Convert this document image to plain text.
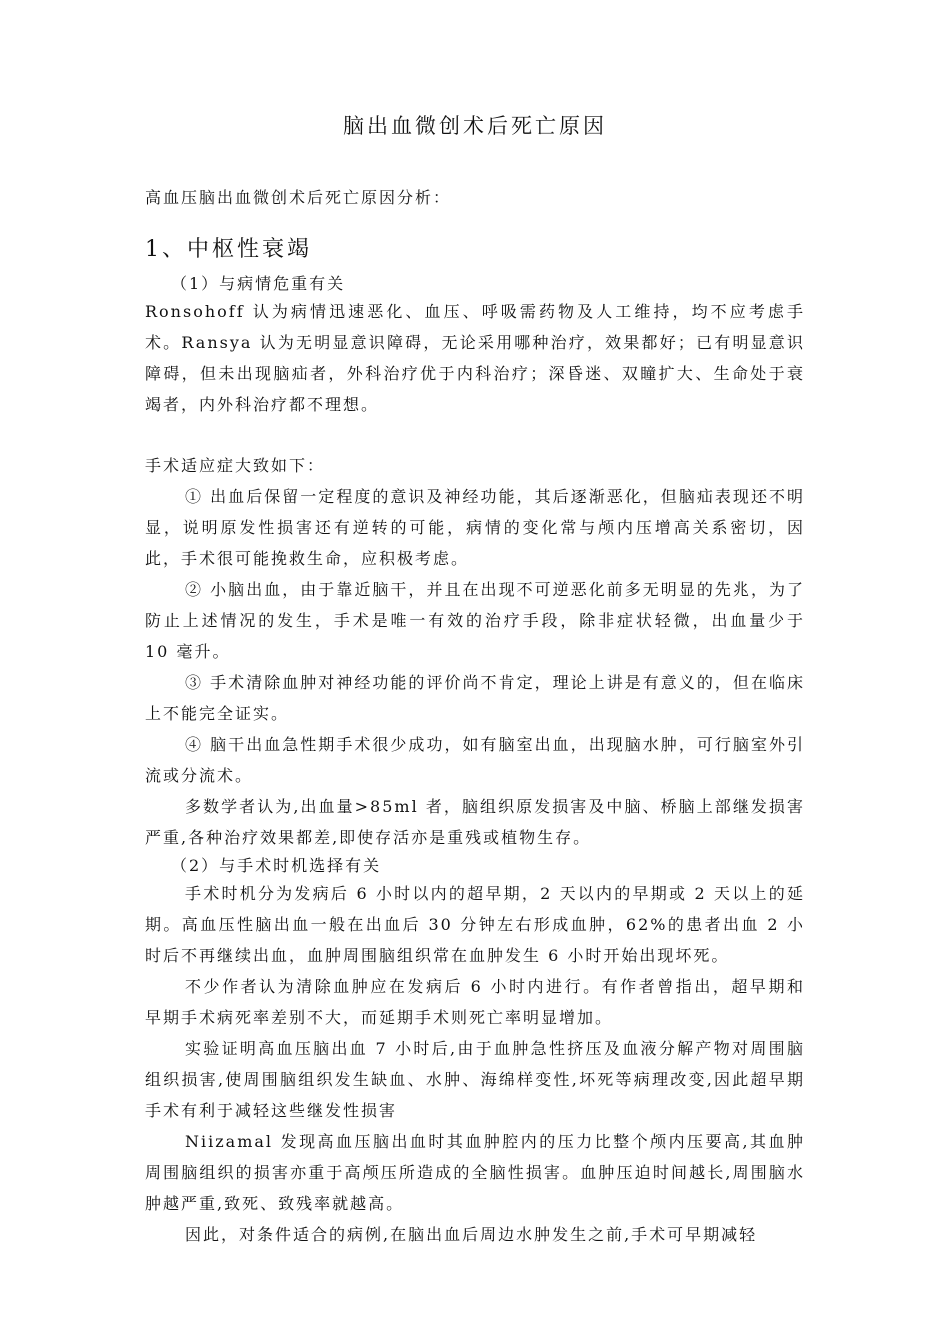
脑出血微创术后死亡原因

高血压脑出血微创术后死亡原因分析：

1、中枢性衰竭

（1）与病情危重有关

Ronsohoff 认为病情迅速恶化、血压、呼吸需药物及人工维持，均不应考虑手术。Ransya 认为无明显意识障碍，无论采用哪种治疗，效果都好；已有明显意识障碍，但未出现脑疝者，外科治疗优于内科治疗；深昏迷、双瞳扩大、生命处于衰竭者，内外科治疗都不理想。

手术适应症大致如下：

① 出血后保留一定程度的意识及神经功能，其后逐渐恶化，但脑疝表现还不明显，说明原发性损害还有逆转的可能，病情的变化常与颅内压增高关系密切，因此，手术很可能挽救生命，应积极考虑。

② 小脑出血，由于靠近脑干，并且在出现不可逆恶化前多无明显的先兆，为了防止上述情况的发生，手术是唯一有效的治疗手段，除非症状轻微，出血量少于 10 毫升。

③ 手术清除血肿对神经功能的评价尚不肯定，理论上讲是有意义的，但在临床上不能完全证实。

④ 脑干出血急性期手术很少成功，如有脑室出血，出现脑水肿，可行脑室外引流或分流术。

多数学者认为,出血量>85ml 者，脑组织原发损害及中脑、桥脑上部继发损害严重,各种治疗效果都差,即使存活亦是重残或植物生存。

（2）与手术时机选择有关

手术时机分为发病后 6 小时以内的超早期，2 天以内的早期或 2 天以上的延期。高血压性脑出血一般在出血后 30 分钟左右形成血肿，62%的患者出血 2 小时后不再继续出血，血肿周围脑组织常在血肿发生 6 小时开始出现坏死。

不少作者认为清除血肿应在发病后 6 小时内进行。有作者曾指出，超早期和早期手术病死率差别不大，而延期手术则死亡率明显增加。

实验证明高血压脑出血 7 小时后,由于血肿急性挤压及血液分解产物对周围脑组织损害,使周围脑组织发生缺血、水肿、海绵样变性,坏死等病理改变,因此超早期手术有利于减轻这些继发性损害

Niizamal 发现高血压脑出血时其血肿腔内的压力比整个颅内压要高,其血肿周围脑组织的损害亦重于高颅压所造成的全脑性损害。血肿压迫时间越长,周围脑水肿越严重,致死、致残率就越高。

因此，对条件适合的病例,在脑出血后周边水肿发生之前,手术可早期减轻
